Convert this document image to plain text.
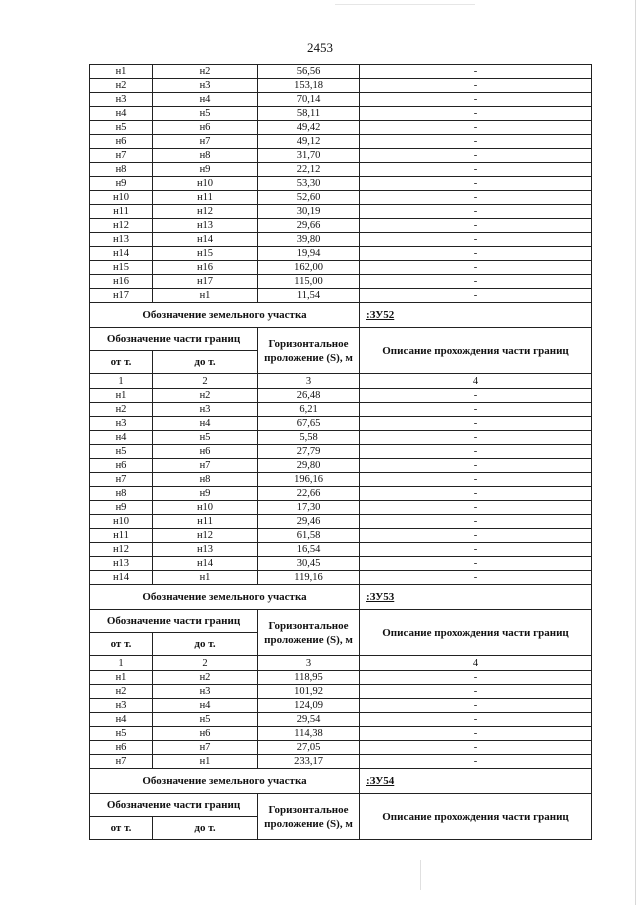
2453
н1	н2	56,56	-
н2	н3	153,18	-
н3	н4	70,14	-
н4	н5	58,11	-
н5	н6	49,42	-
н6	н7	49,12	-
н7	н8	31,70	-
н8	н9	22,12	-
н9	н10	53,30	-
н10	н11	52,60	-
н11	н12	30,19	-
н12	н13	29,66	-
н13	н14	39,80	-
н14	н15	19,94	-
н15	н16	162,00	-
н16	н17	115,00	-
н17	н1	11,54	-
Обозначение земельного участка			:ЗУ52
Обозначение части границ		Горизонтальное проложение (S), м	Описание прохождения части границ
от т.	до т.		
1	2	3	4
н1	н2	26,48	-
н2	н3	6,21	-
н3	н4	67,65	-
н4	н5	5,58	-
н5	н6	27,79	-
н6	н7	29,80	-
н7	н8	196,16	-
н8	н9	22,66	-
н9	н10	17,30	-
н10	н11	29,46	-
н11	н12	61,58	-
н12	н13	16,54	-
н13	н14	30,45	-
н14	н1	119,16	-
Обозначение земельного участка			:ЗУ53
Обозначение части границ		Горизонтальное проложение (S), м	Описание прохождения части границ
от т.	до т.		
1	2	3	4
н1	н2	118,95	-
н2	н3	101,92	-
н3	н4	124,09	-
н4	н5	29,54	-
н5	н6	114,38	-
н6	н7	27,05	-
н7	н1	233,17	-
Обозначение земельного участка			:ЗУ54
Обозначение части границ		Горизонтальное проложение (S), м	Описание прохождения части границ
от т.	до т.		
